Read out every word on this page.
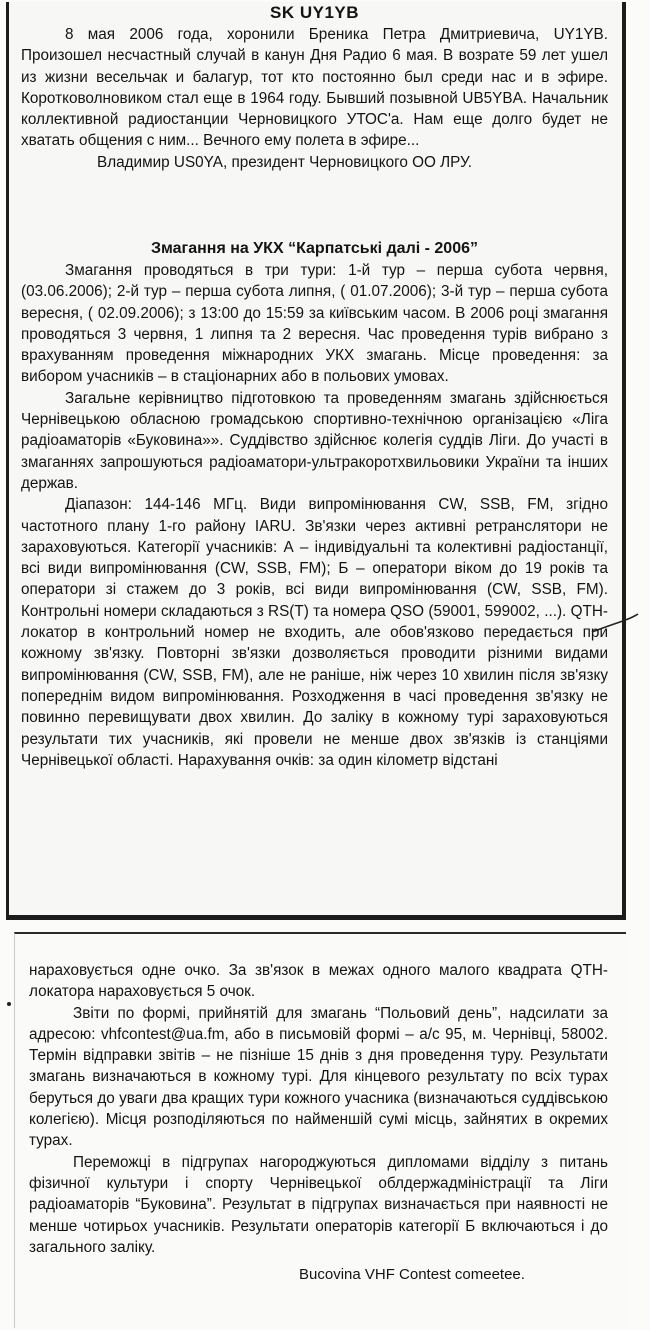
SK UY1YB

8 мая 2006 года, хоронили Бреника Петра Дмитриевича, UY1YB. Произошел несчастный случай в канун Дня Радио 6 мая. В возрате 59 лет ушел из жизни весельчак и балагур, тот кто постоянно был среди нас и в эфире. Коротковолновиком стал еще в 1964 году. Бывший позывной UB5YBA. Начальник коллективной радиостанции Черновицкого УТОС'а. Нам еще долго будет не хватать общения с ним... Вечного ему полета в эфире...

Владимир US0YA, президент Черновицкого ОО ЛРУ.

Змагання на УКХ “Карпатські далі - 2006”

Змагання проводяться в три тури: 1-й тур – перша субота червня, (03.06.2006); 2-й тур – перша субота липня, ( 01.07.2006); 3-й тур – перша субота вересня, ( 02.09.2006); з 13:00 до 15:59 за київським часом. В 2006 році змагання проводяться 3 червня, 1 липня та 2 вересня. Час проведення турів вибрано з врахуванням проведення міжнародних УКХ змагань. Місце проведення: за вибором учасників – в стаціонарних або в польових умовах.

Загальне керівництво підготовкою та проведенням змагань здійснюється Чернівецькою обласною громадською спортивно-технічною організацією «Ліга радіоаматорів «Буковина»». Суддівство здійснює колегія суддів Ліги. До участі в змаганнях запрошуються радіоаматори-ультракоротхвильовики України та інших держав.

Діапазон: 144-146 МГц. Види випромінювання CW, SSB, FM, згідно частотного плану 1-го району IARU. Зв'язки через активні ретранслятори не зараховуються. Категорії учасників: А – індивідуальні та колективні радіостанції, всі види випромінювання (CW, SSB, FM); Б – оператори віком до 19 років та оператори зі стажем до 3 років, всі види випромінювання (CW, SSB, FM). Контрольні номери складаються з RS(T) та номера QSO (59001, 599002, ...). QTH-локатор в контрольний номер не входить, але обов'язково передається при кожному зв'язку. Повторні зв'язки дозволяється проводити різними видами випромінювання (CW, SSB, FM), але не раніше, ніж через 10 хвилин після зв'язку попереднім видом випромінювання. Розходження в часі проведення зв'язку не повинно перевищувати двох хвилин. До заліку в кожному турі зараховуються результати тих учасників, які провели не менше двох зв'язків із станціями Чернівецької області. Нарахування очків: за один кілометр відстані

нараховується одне очко. За зв'язок в межах одного малого квадрата QTH-локатора нараховується 5 очок.

Звіти по формі, прийнятій для змагань “Польовий день”, надсилати за адресою: vhfcontest@ua.fm, або в письмовій формі – а/с 95, м. Чернівці, 58002. Термін відправки звітів – не пізніше 15 днів з дня проведення туру. Результати змагань визначаються в кожному турі. Для кінцевого результату по всіх турах беруться до уваги два кращих тури кожного учасника (визначаються суддівською колегією). Місця розподіляються по найменшій сумі місць, зайнятих в окремих турах.

Переможці в підгрупах нагороджуються дипломами відділу з питань фізичної культури і спорту Чернівецької облдержадміністрації та Ліги радіоаматорів “Буковина”. Результат в підгрупах визначається при наявності не менше чотирьох учасників. Результати операторів категорії Б включаються і до загального заліку.

Bucovina VHF Contest comeetee.
